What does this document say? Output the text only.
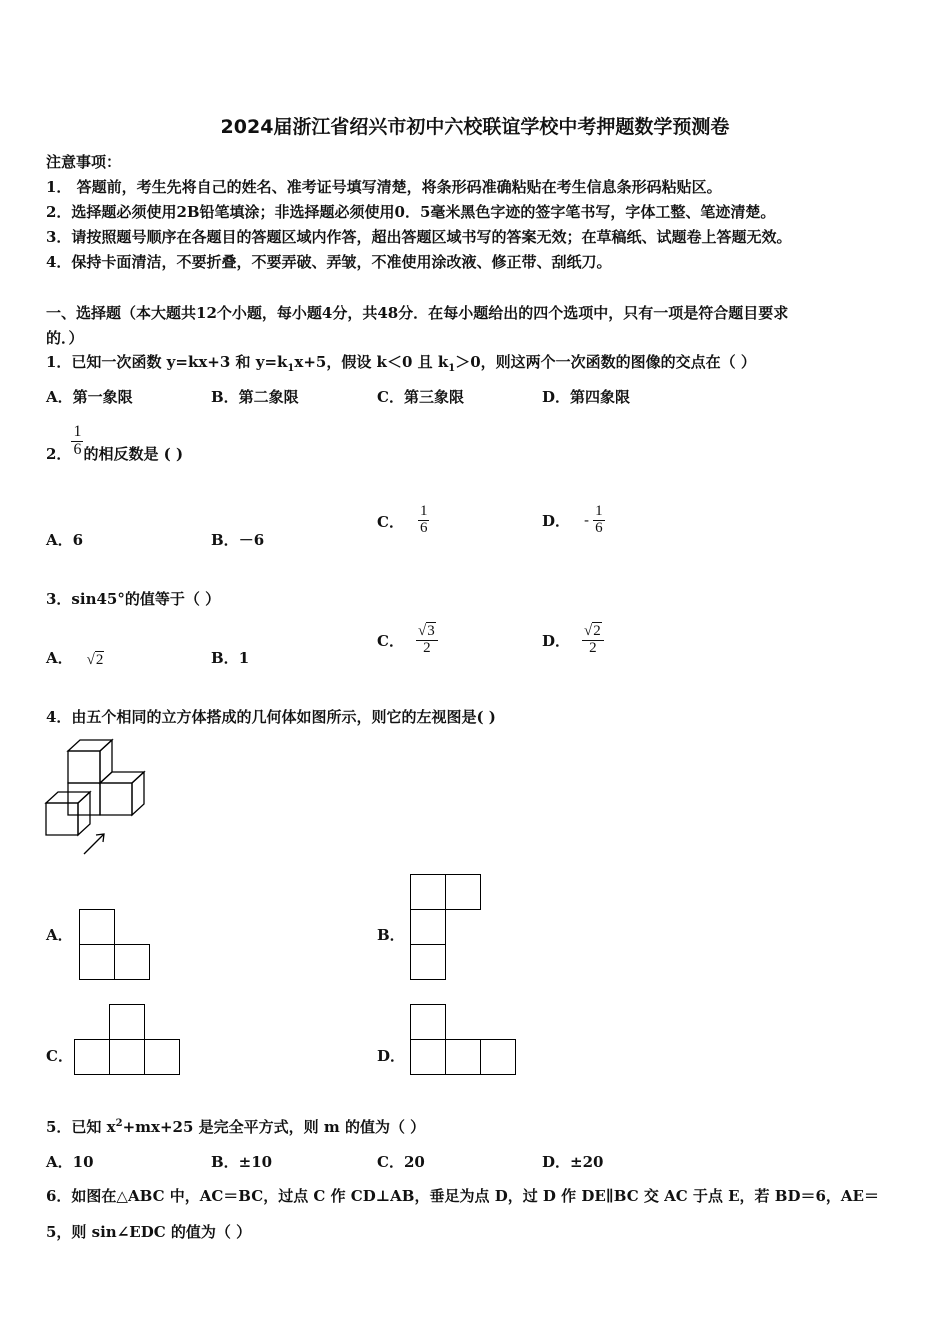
2024届浙江省绍兴市初中六校联谊学校中考押题数学预测卷
注意事项：
1． 答题前，考生先将自己的姓名、准考证号填写清楚，将条形码准确粘贴在考生信息条形码粘贴区。
2．选择题必须使用2B铅笔填涂；非选择题必须使用0．5毫米黑色字迹的签字笔书写，字体工整、笔迹清楚。
3．请按照题号顺序在各题目的答题区域内作答，超出答题区域书写的答案无效；在草稿纸、试题卷上答题无效。
4．保持卡面清洁，不要折叠，不要弄破、弄皱，不准使用涂改液、修正带、刮纸刀。
一、选择题（本大题共12个小题，每小题4分，共48分．在每小题给出的四个选项中，只有一项是符合题目要求
的．）
1．已知一次函数 y=kx+3 和 $y=k_1x+5$，假设 k＜0 且 $k_1>0$，则这两个一次函数的图像的交点在（ ）
A．第一象限	B．第二象限	C．第三象限	D．第四象限
2． $\frac{1}{6}$ 的相反数是 ( )
A．6	B．－6
C． $\frac{1}{6}$	D． - $\frac{1}{6}$
3．sin45°的值等于（ ）
A． √2	B．1
C． $\frac{√3}{2}$	D． $\frac{√2}{2}$
4．由五个相同的立方体搭成的几何体如图所示，则它的左视图是( )
A．	B．
C．	D．
5．已知 $x^2+mx+25$ 是完全平方式，则 m 的值为（ ）
A．10	B．±10	C．20	D．±20
6．如图在△ABC 中，AC＝BC，过点 C 作 CD⊥AB，垂足为点 D，过 D 作 DE∥BC 交 AC 于点 E，若 BD＝6，AE＝
5，则 sin∠EDC 的值为（ ）
